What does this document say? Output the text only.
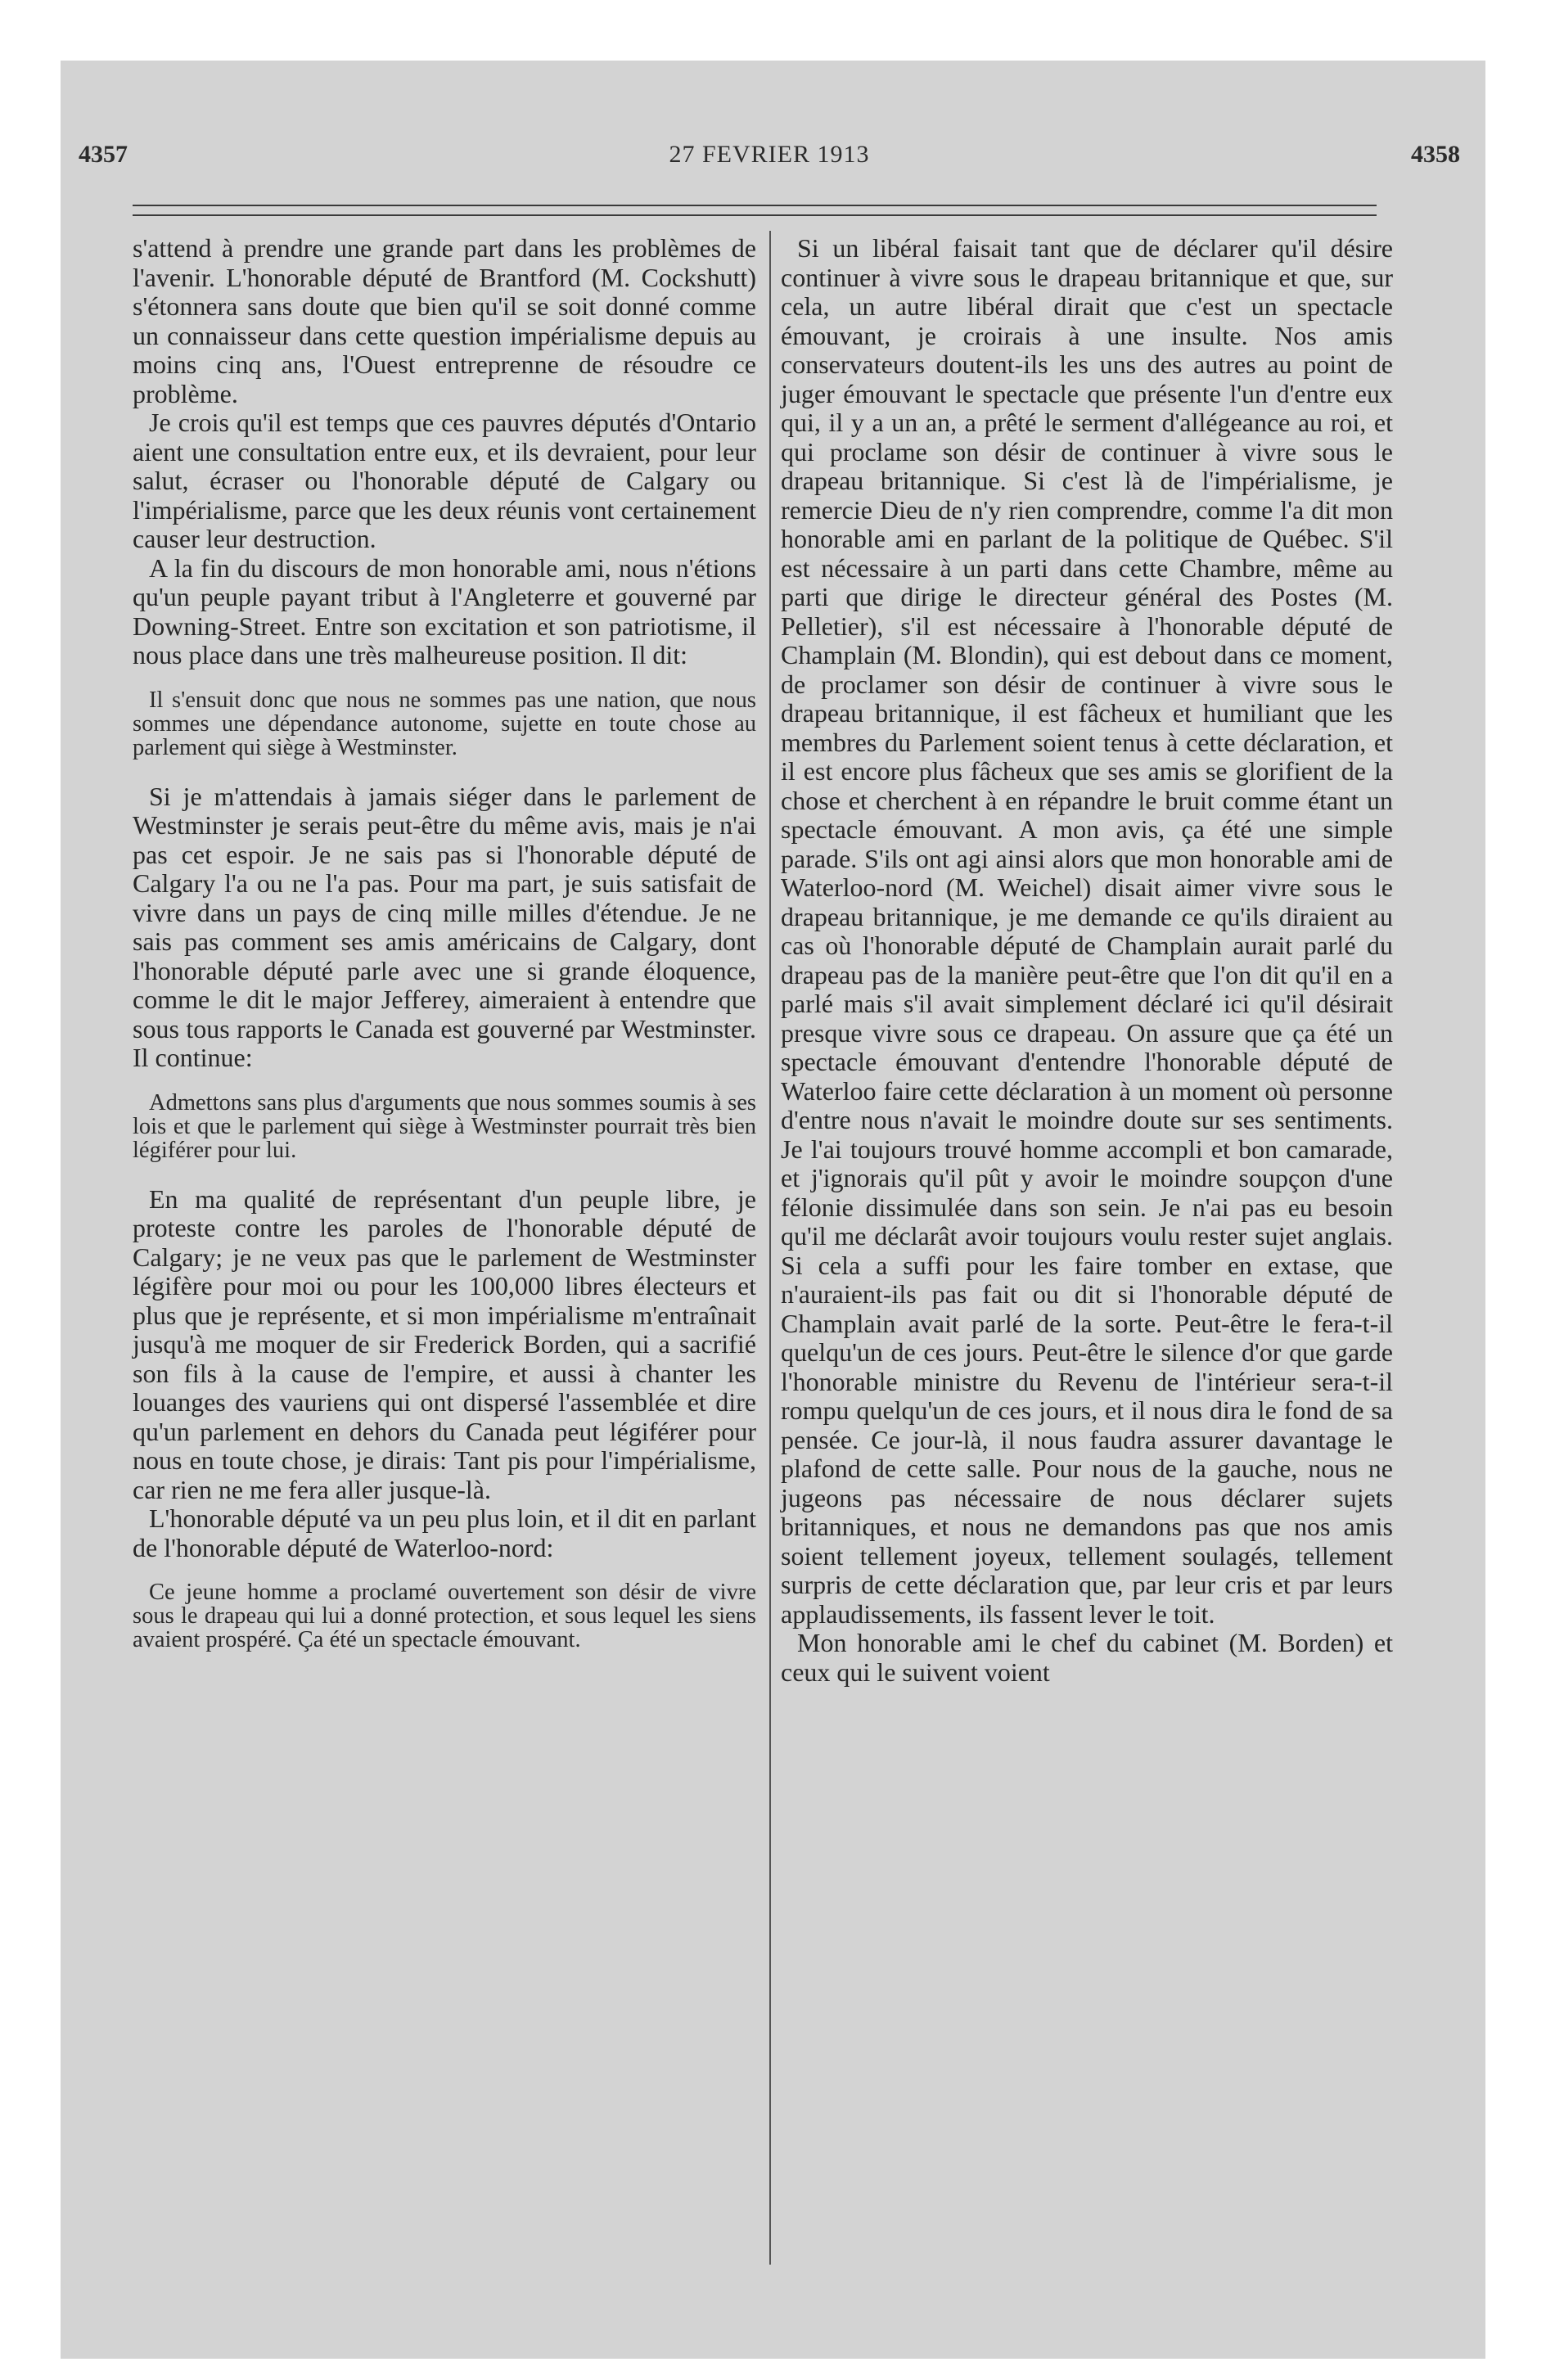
4357	27 FEVRIER 1913	4358

s'attend à prendre une grande part dans les problèmes de l'avenir. L'honorable député de Brantford (M. Cockshutt) s'étonnera sans doute que bien qu'il se soit donné comme un connaisseur dans cette question impérialisme depuis au moins cinq ans, l'Ouest entreprenne de résoudre ce problème.

Je crois qu'il est temps que ces pauvres députés d'Ontario aient une consultation entre eux, et ils devraient, pour leur salut, écraser ou l'honorable député de Calgary ou l'impérialisme, parce que les deux réunis vont certainement causer leur destruction.

A la fin du discours de mon honorable ami, nous n'étions qu'un peuple payant tribut à l'Angleterre et gouverné par Downing-Street. Entre son excitation et son patriotisme, il nous place dans une très malheureuse position. Il dit:

Il s'ensuit donc que nous ne sommes pas une nation, que nous sommes une dépendance autonome, sujette en toute chose au parlement qui siège à Westminster.

Si je m'attendais à jamais siéger dans le parlement de Westminster je serais peut-être du même avis, mais je n'ai pas cet espoir. Je ne sais pas si l'honorable député de Calgary l'a ou ne l'a pas. Pour ma part, je suis satisfait de vivre dans un pays de cinq mille milles d'étendue. Je ne sais pas comment ses amis américains de Calgary, dont l'honorable député parle avec une si grande éloquence, comme le dit le major Jefferey, aimeraient à entendre que sous tous rapports le Canada est gouverné par Westminster. Il continue:

Admettons sans plus d'arguments que nous sommes soumis à ses lois et que le parlement qui siège à Westminster pourrait très bien légiférer pour lui.

En ma qualité de représentant d'un peuple libre, je proteste contre les paroles de l'honorable député de Calgary; je ne veux pas que le parlement de Westminster légifère pour moi ou pour les 100,000 libres électeurs et plus que je représente, et si mon impérialisme m'entraînait jusqu'à me moquer de sir Frederick Borden, qui a sacrifié son fils à la cause de l'empire, et aussi à chanter les louanges des vauriens qui ont dispersé l'assemblée et dire qu'un parlement en dehors du Canada peut légiférer pour nous en toute chose, je dirais: Tant pis pour l'impérialisme, car rien ne me fera aller jusque-là.

L'honorable député va un peu plus loin, et il dit en parlant de l'honorable député de Waterloo-nord:

Ce jeune homme a proclamé ouvertement son désir de vivre sous le drapeau qui lui a donné protection, et sous lequel les siens avaient prospéré. Ça été un spectacle émouvant.

Si un libéral faisait tant que de déclarer qu'il désire continuer à vivre sous le drapeau britannique et que, sur cela, un autre libéral dirait que c'est un spectacle émouvant, je croirais à une insulte. Nos amis conservateurs doutent-ils les uns des autres au point de juger émouvant le spectacle que présente l'un d'entre eux qui, il y a un an, a prêté le serment d'allégeance au roi, et qui proclame son désir de continuer à vivre sous le drapeau britannique. Si c'est là de l'impérialisme, je remercie Dieu de n'y rien comprendre, comme l'a dit mon honorable ami en parlant de la politique de Québec. S'il est nécessaire à un parti dans cette Chambre, même au parti que dirige le directeur général des Postes (M. Pelletier), s'il est nécessaire à l'honorable député de Champlain (M. Blondin), qui est debout dans ce moment, de proclamer son désir de continuer à vivre sous le drapeau britannique, il est fâcheux et humiliant que les membres du Parlement soient tenus à cette déclaration, et il est encore plus fâcheux que ses amis se glorifient de la chose et cherchent à en répandre le bruit comme étant un spectacle émouvant. A mon avis, ça été une simple parade. S'ils ont agi ainsi alors que mon honorable ami de Waterloo-nord (M. Weichel) disait aimer vivre sous le drapeau britannique, je me demande ce qu'ils diraient au cas où l'honorable député de Champlain aurait parlé du drapeau pas de la manière peut-être que l'on dit qu'il en a parlé mais s'il avait simplement déclaré ici qu'il désirait presque vivre sous ce drapeau. On assure que ça été un spectacle émouvant d'entendre l'honorable député de Waterloo faire cette déclaration à un moment où personne d'entre nous n'avait le moindre doute sur ses sentiments. Je l'ai toujours trouvé homme accompli et bon camarade, et j'ignorais qu'il pût y avoir le moindre soupçon d'une félonie dissimulée dans son sein. Je n'ai pas eu besoin qu'il me déclarât avoir toujours voulu rester sujet anglais. Si cela a suffi pour les faire tomber en extase, que n'auraient-ils pas fait ou dit si l'honorable député de Champlain avait parlé de la sorte. Peut-être le fera-t-il quelqu'un de ces jours. Peut-être le silence d'or que garde l'honorable ministre du Revenu de l'intérieur sera-t-il rompu quelqu'un de ces jours, et il nous dira le fond de sa pensée. Ce jour-là, il nous faudra assurer davantage le plafond de cette salle. Pour nous de la gauche, nous ne jugeons pas nécessaire de nous déclarer sujets britanniques, et nous ne demandons pas que nos amis soient tellement joyeux, tellement soulagés, tellement surpris de cette déclaration que, par leur cris et par leurs applaudissements, ils fassent lever le toit.

Mon honorable ami le chef du cabinet (M. Borden) et ceux qui le suivent voient
